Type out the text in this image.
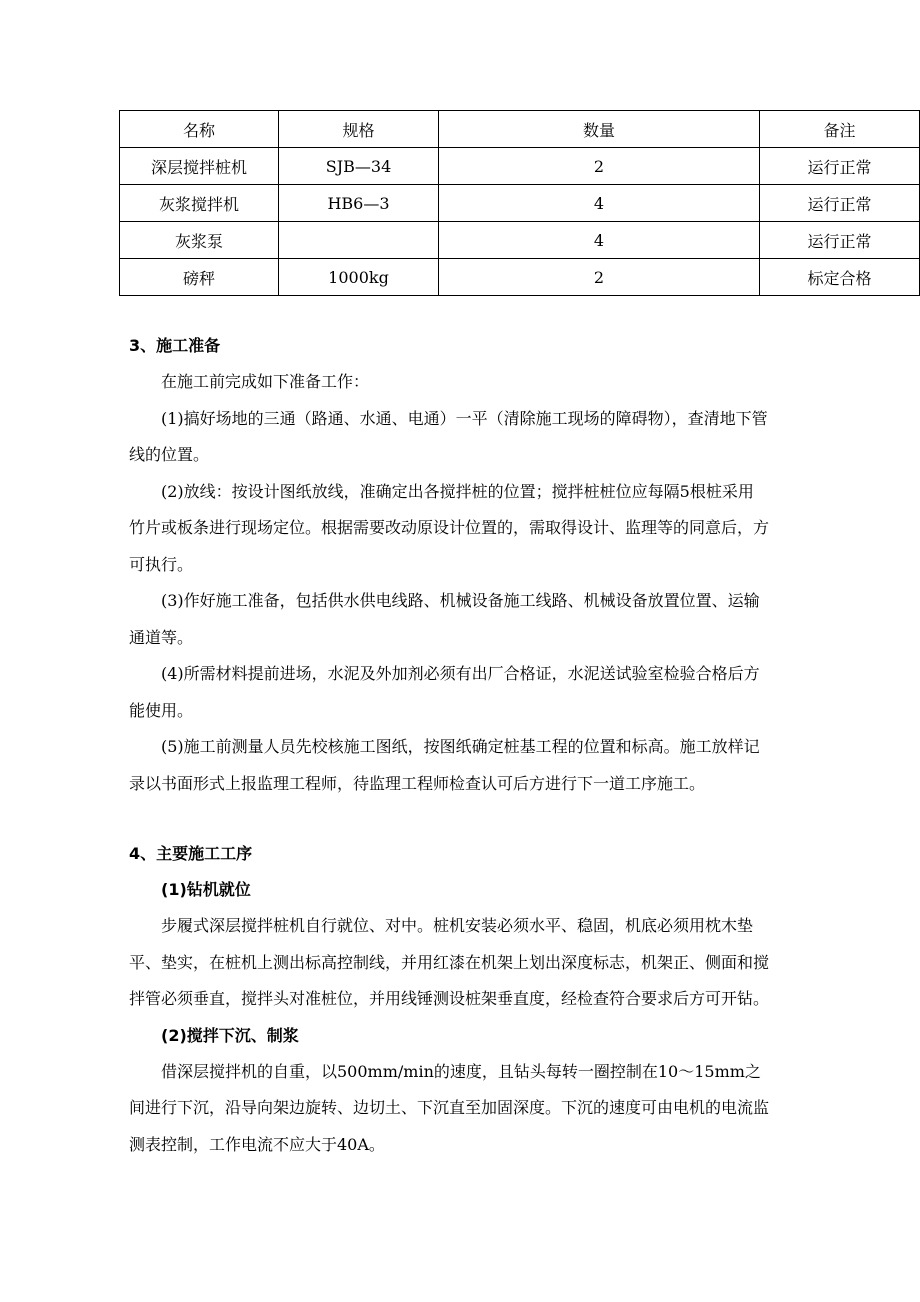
名称	规格	数量	备注
深层搅拌桩机	SJB—34	2	运行正常
灰浆搅拌机	HB6—3	4	运行正常
灰浆泵		4	运行正常
磅秤	1000kg	2	标定合格
3、施工准备

在施工前完成如下准备工作：

(1)搞好场地的三通（路通、水通、电通）一平（清除施工现场的障碍物），查清地下管线的位置。

(2)放线：按设计图纸放线，准确定出各搅拌桩的位置；搅拌桩桩位应每隔5根桩采用竹片或板条进行现场定位。根据需要改动原设计位置的，需取得设计、监理等的同意后，方可执行。

(3)作好施工准备，包括供水供电线路、机械设备施工线路、机械设备放置位置、运输通道等。

(4)所需材料提前进场，水泥及外加剂必须有出厂合格证，水泥送试验室检验合格后方能使用。

(5)施工前测量人员先校核施工图纸，按图纸确定桩基工程的位置和标高。施工放样记录以书面形式上报监理工程师，待监理工程师检查认可后方进行下一道工序施工。

4、主要施工工序
(1)钻机就位

步履式深层搅拌桩机自行就位、对中。桩机安装必须水平、稳固，机底必须用枕木垫平、垫实，在桩机上测出标高控制线，并用红漆在机架上划出深度标志，机架正、侧面和搅拌管必须垂直，搅拌头对准桩位，并用线锤测设桩架垂直度，经检查符合要求后方可开钻。

(2)搅拌下沉、制浆

借深层搅拌机的自重，以500mm/min的速度，且钻头每转一圈控制在10～15mm之间进行下沉，沿导向架边旋转、边切土、下沉直至加固深度。下沉的速度可由电机的电流监测表控制，工作电流不应大于40A。
